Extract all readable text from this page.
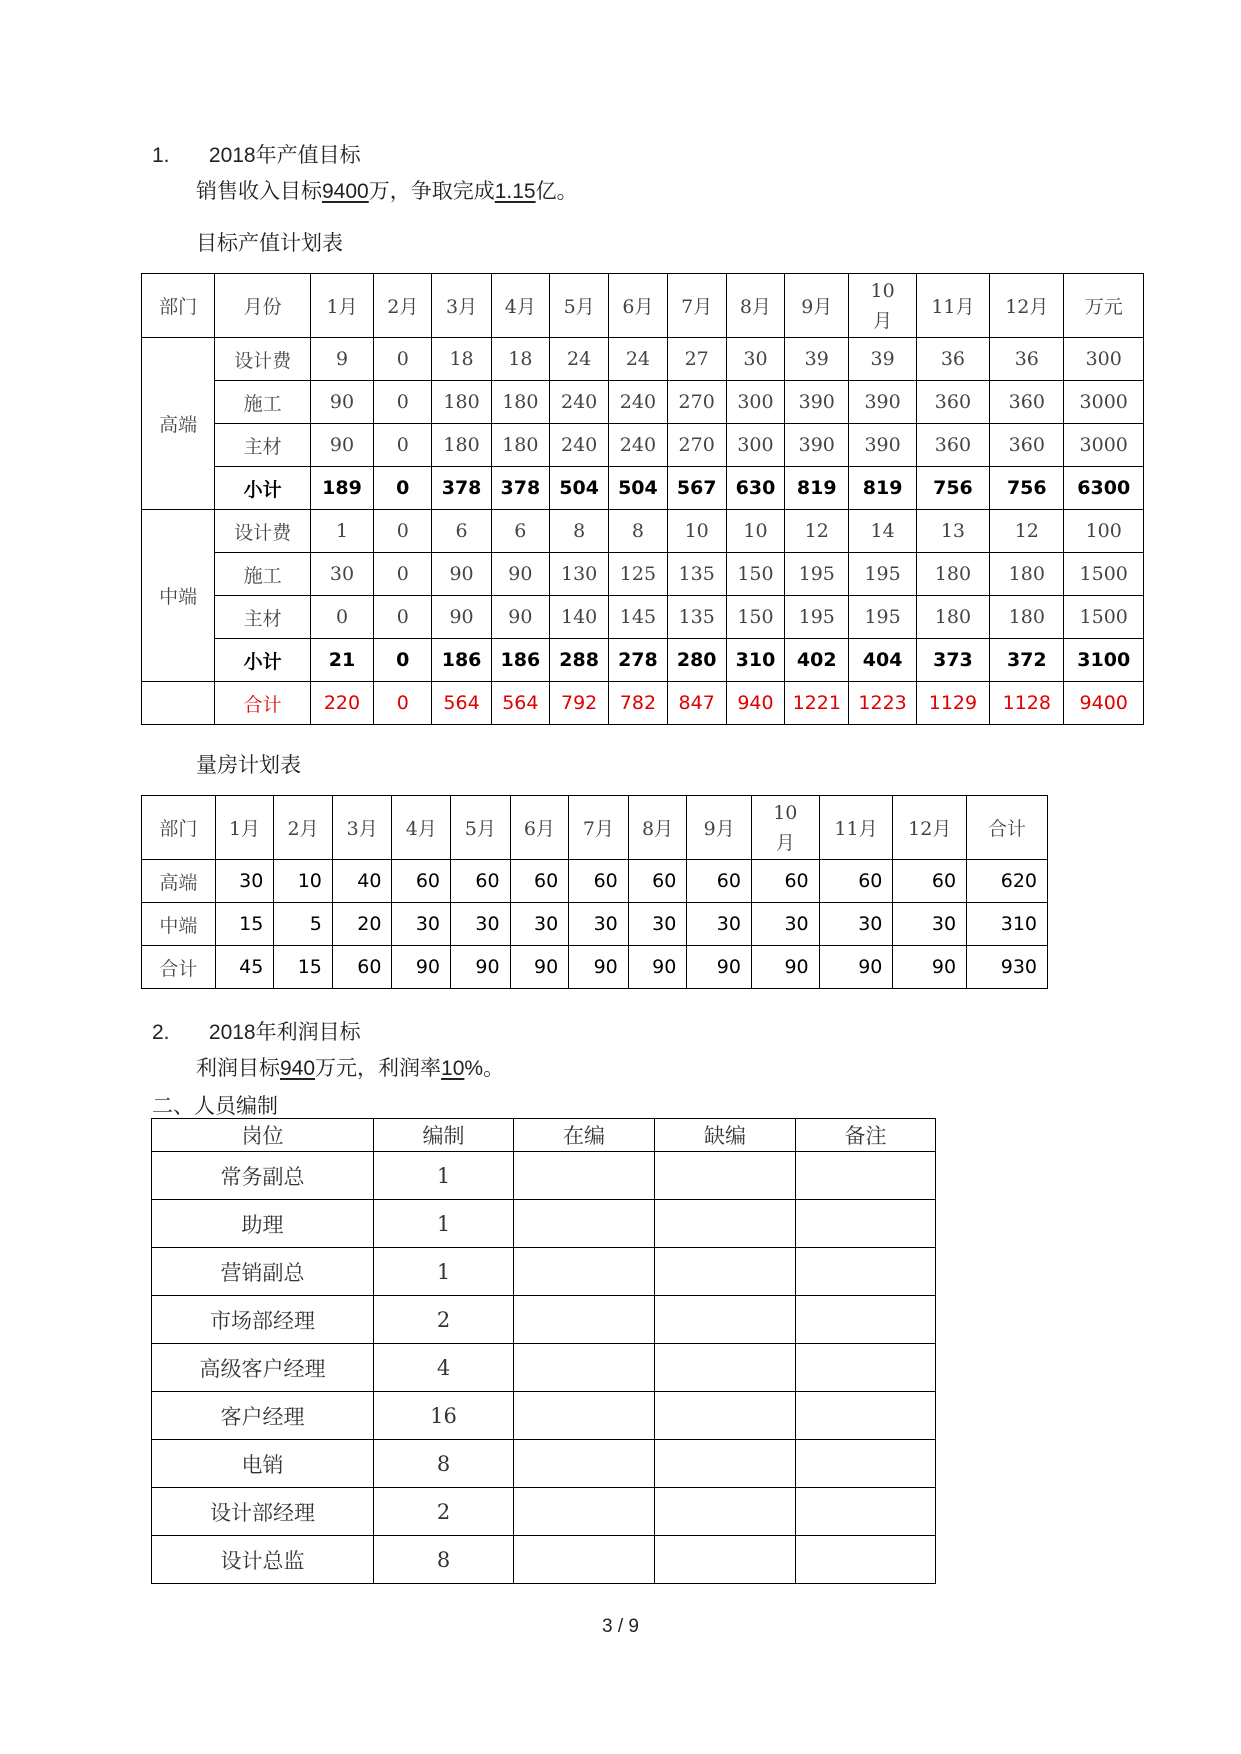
1. 2018年产值目标
销售收入目标9400万，争取完成1.15亿。
目标产值计划表
部门	月份	1月	2月	3月	4月	5月	6月	7月	8月	9月	10月	11月	12月	万元
高端	设计费	9	0	18	18	24	24	27	30	39	39	36	36	300
	施工	90	0	180	180	240	240	270	300	390	390	360	360	3000
	主材	90	0	180	180	240	240	270	300	390	390	360	360	3000
	小计	189	0	378	378	504	504	567	630	819	819	756	756	6300
中端	设计费	1	0	6	6	8	8	10	10	12	14	13	12	100
	施工	30	0	90	90	130	125	135	150	195	195	180	180	1500
	主材	0	0	90	90	140	145	135	150	195	195	180	180	1500
	小计	21	0	186	186	288	278	280	310	402	404	373	372	3100
	合计	220	0	564	564	792	782	847	940	1221	1223	1129	1128	9400
量房计划表
部门	1月	2月	3月	4月	5月	6月	7月	8月	9月	10月	11月	12月	合计
高端	30	10	40	60	60	60	60	60	60	60	60	60	620
中端	15	5	20	30	30	30	30	30	30	30	30	30	310
合计	45	15	60	90	90	90	90	90	90	90	90	90	930
2. 2018年利润目标
利润目标940万元，利润率10%。
二、人员编制
岗位	编制	在编	缺编	备注
常务副总	1			
助理	1			
营销副总	1			
市场部经理	2			
高级客户经理	4			
客户经理	16			
电销	8			
设计部经理	2			
设计总监	8			
3 / 9
